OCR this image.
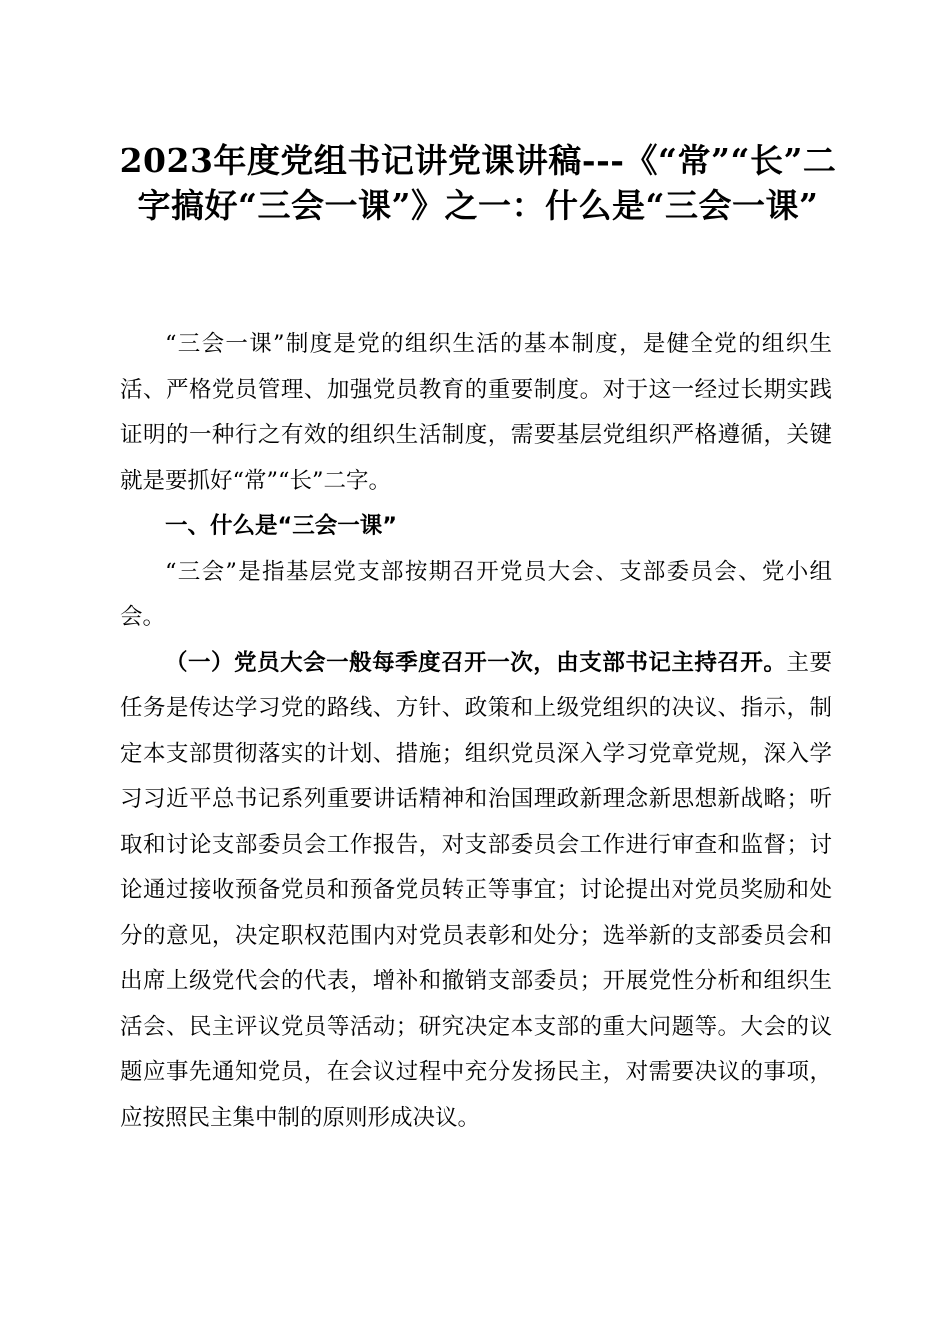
2023年度党组书记讲党课讲稿---《“常”“长”二字搞好“三会一课”》之一：什么是“三会一课”

“三会一课”制度是党的组织生活的基本制度，是健全党的组织生活、严格党员管理、加强党员教育的重要制度。对于这一经过长期实践证明的一种行之有效的组织生活制度，需要基层党组织严格遵循，关键就是要抓好“常”“长”二字。

一、什么是“三会一课”

“三会”是指基层党支部按期召开党员大会、支部委员会、党小组会。

（一）党员大会一般每季度召开一次，由支部书记主持召开。主要任务是传达学习党的路线、方针、政策和上级党组织的决议、指示，制定本支部贯彻落实的计划、措施；组织党员深入学习党章党规，深入学习习近平总书记系列重要讲话精神和治国理政新理念新思想新战略；听取和讨论支部委员会工作报告，对支部委员会工作进行审查和监督；讨论通过接收预备党员和预备党员转正等事宜；讨论提出对党员奖励和处分的意见，决定职权范围内对党员表彰和处分；选举新的支部委员会和出席上级党代会的代表，增补和撤销支部委员；开展党性分析和组织生活会、民主评议党员等活动；研究决定本支部的重大问题等。大会的议题应事先通知党员，在会议过程中充分发扬民主，对需要决议的事项，应按照民主集中制的原则形成决议。
